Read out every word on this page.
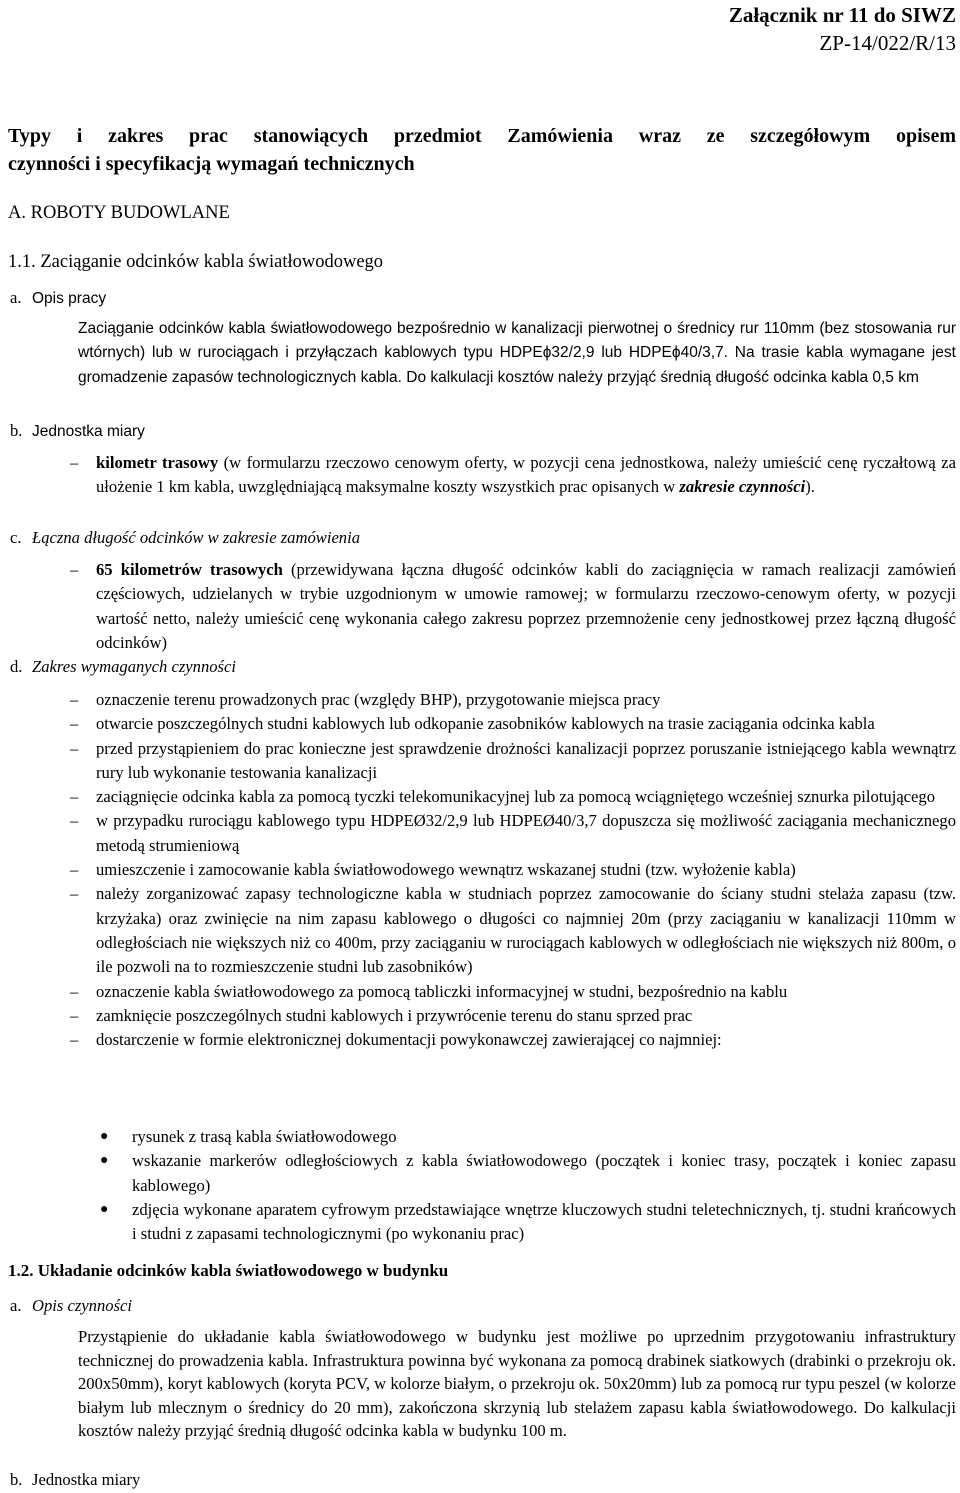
Załącznik nr 11 do SIWZ
ZP-14/022/R/13
Typy i zakres prac stanowiących przedmiot Zamówienia wraz ze szczegółowym opisem
czynności i specyfikacją wymagań technicznych
A. ROBOTY BUDOWLANE
1.1. Zaciąganie odcinków kabla światłowodowego
a. Opis pracy
Zaciąganie odcinków kabla światłowodowego bezpośrednio w kanalizacji pierwotnej o średnicy rur 110mm (bez stosowania rur wtórnych) lub w rurociągach i przyłączach kablowych typu HDPEϕ32/2,9 lub HDPEϕ40/3,7. Na trasie kabla wymagane jest gromadzenie zapasów technologicznych kabla. Do kalkulacji kosztów należy przyjąć średnią długość odcinka kabla 0,5 km
b. Jednostka miary
– kilometr trasowy (w formularzu rzeczowo cenowym oferty, w pozycji cena jednostkowa, należy umieścić cenę ryczałtową za ułożenie 1 km kabla, uwzględniającą maksymalne koszty wszystkich prac opisanych w zakresie czynności).
c. Łączna długość odcinków w zakresie zamówienia
– 65 kilometrów trasowych (przewidywana łączna długość odcinków kabli do zaciągnięcia w ramach realizacji zamówień częściowych, udzielanych w trybie uzgodnionym w umowie ramowej; w formularzu rzeczowo-cenowym oferty, w pozycji wartość netto, należy umieścić cenę wykonania całego zakresu poprzez przemnożenie ceny jednostkowej przez łączną długość odcinków)
d. Zakres wymaganych czynności
– oznaczenie terenu prowadzonych prac (względy BHP), przygotowanie miejsca pracy
– otwarcie poszczególnych studni kablowych lub odkopanie zasobników kablowych na trasie zaciągania odcinka kabla
– przed przystąpieniem do prac konieczne jest sprawdzenie drożności kanalizacji poprzez poruszanie istniejącego kabla wewnątrz rury lub wykonanie testowania kanalizacji
– zaciągnięcie odcinka kabla za pomocą tyczki telekomunikacyjnej lub za pomocą wciągniętego wcześniej sznurka pilotującego
– w przypadku rurociągu kablowego typu HDPEØ32/2,9 lub HDPEØ40/3,7 dopuszcza się możliwość zaciągania mechanicznego metodą strumieniową
– umieszczenie i zamocowanie kabla światłowodowego wewnątrz wskazanej studni (tzw. wyłożenie kabla)
– należy zorganizować zapasy technologiczne kabla w studniach poprzez zamocowanie do ściany studni stelaża zapasu (tzw. krzyżaka) oraz zwinięcie na nim zapasu kablowego o długości co najmniej 20m (przy zaciąganiu w kanalizacji 110mm w odległościach nie większych niż co 400m, przy zaciąganiu w rurociągach kablowych w odległościach nie większych niż 800m, o ile pozwoli na to rozmieszczenie studni lub zasobników)
– oznaczenie kabla światłowodowego za pomocą tabliczki informacyjnej w studni, bezpośrednio na kablu
– zamknięcie poszczególnych studni kablowych i przywrócenie terenu do stanu sprzed prac
– dostarczenie w formie elektronicznej dokumentacji powykonawczej zawierającej co najmniej:
● rysunek z trasą kabla światłowodowego
● wskazanie markerów odległościowych z kabla światłowodowego (początek i koniec trasy, początek i koniec zapasu kablowego)
● zdjęcia wykonane aparatem cyfrowym przedstawiające wnętrze kluczowych studni teletechnicznych, tj. studni krańcowych i studni z zapasami technologicznymi (po wykonaniu prac)
1.2. Układanie odcinków kabla światłowodowego w budynku
a. Opis czynności
Przystąpienie do układanie kabla światłowodowego w budynku jest możliwe po uprzednim przygotowaniu infrastruktury technicznej do prowadzenia kabla. Infrastruktura powinna być wykonana za pomocą drabinek siatkowych (drabinki o przekroju ok. 200x50mm), koryt kablowych (koryta PCV, w kolorze białym, o przekroju ok. 50x20mm) lub za pomocą rur typu peszel (w kolorze białym lub mlecznym o średnicy do 20 mm), zakończona skrzynią lub stelażem zapasu kabla światłowodowego. Do kalkulacji kosztów należy przyjąć średnią długość odcinka kabla w budynku 100 m.
b. Jednostka miary
